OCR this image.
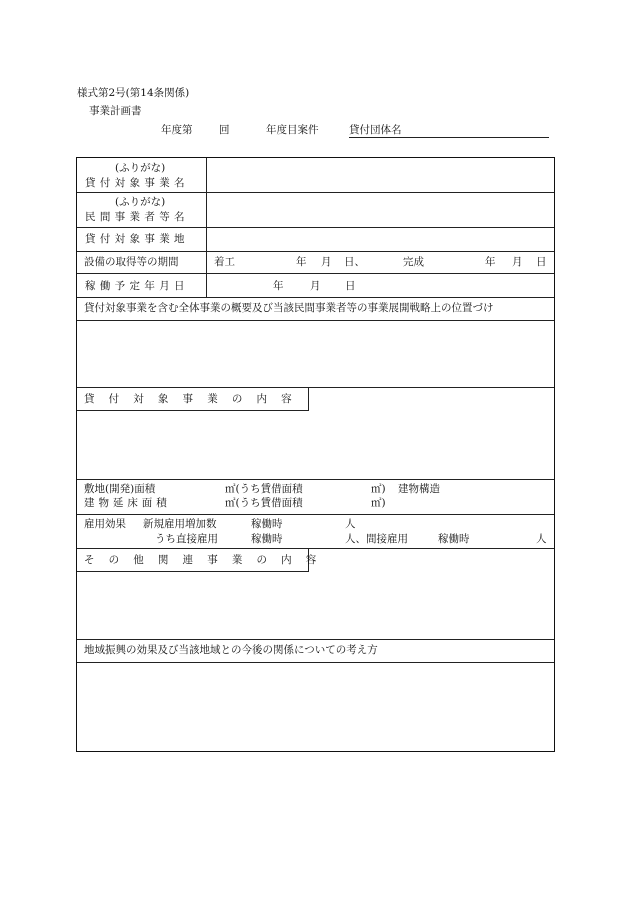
様式第2号(第14条関係)
事業計画書
年度第	回	年度目案件	貸付団体名
(ふりがな)
貸 付 対 象 事 業 名
(ふりがな)
民 間 事 業 者 等 名
貸 付 対 象 事 業 地
設備の取得等の期間	着工	年 月 日、	完成	年 月 日
稼 働 予 定 年 月 日	年	月 日
貸付対象事業を含む全体事業の概要及び当該民間事業者等の事業展開戦略上の位置づけ
貸 付 対 象 事 業 の 内 容
敷地(開発)面積	㎡(うち賃借面積	㎡) 建物構造
建 物 延 床 面 積	㎡(うち賃借面積	㎡)
雇用効果 新規雇用増加数	稼働時	人
うち直接雇用	稼働時	人、間接雇用	稼働時	人
そ の 他 関 連 事 業 の 内 容
地域振興の効果及び当該地域との今後の関係についての考え方
